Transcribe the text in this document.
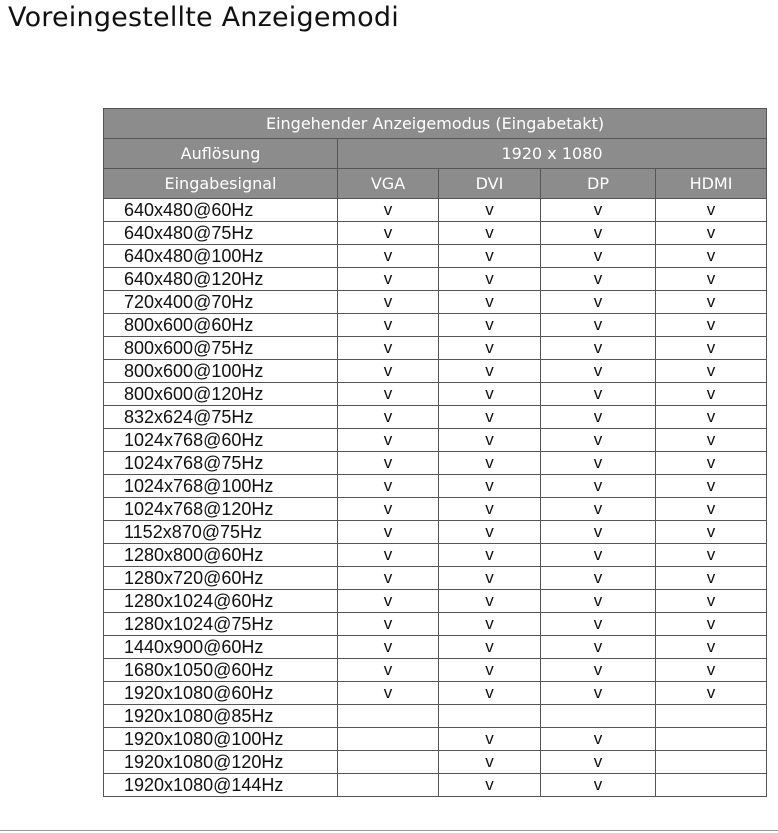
Voreingestellte Anzeigemodi
Eingehender Anzeigemodus (Eingabetakt)				
Auflösung	1920 x 1080			
Eingabesignal	VGA	DVI	DP	HDMI
640x480@60Hz	v	v	v	v
640x480@75Hz	v	v	v	v
640x480@100Hz	v	v	v	v
640x480@120Hz	v	v	v	v
720x400@70Hz	v	v	v	v
800x600@60Hz	v	v	v	v
800x600@75Hz	v	v	v	v
800x600@100Hz	v	v	v	v
800x600@120Hz	v	v	v	v
832x624@75Hz	v	v	v	v
1024x768@60Hz	v	v	v	v
1024x768@75Hz	v	v	v	v
1024x768@100Hz	v	v	v	v
1024x768@120Hz	v	v	v	v
1152x870@75Hz	v	v	v	v
1280x800@60Hz	v	v	v	v
1280x720@60Hz	v	v	v	v
1280x1024@60Hz	v	v	v	v
1280x1024@75Hz	v	v	v	v
1440x900@60Hz	v	v	v	v
1680x1050@60Hz	v	v	v	v
1920x1080@60Hz	v	v	v	v
1920x1080@85Hz				
1920x1080@100Hz		v	v	
1920x1080@120Hz		v	v	
1920x1080@144Hz		v	v	
